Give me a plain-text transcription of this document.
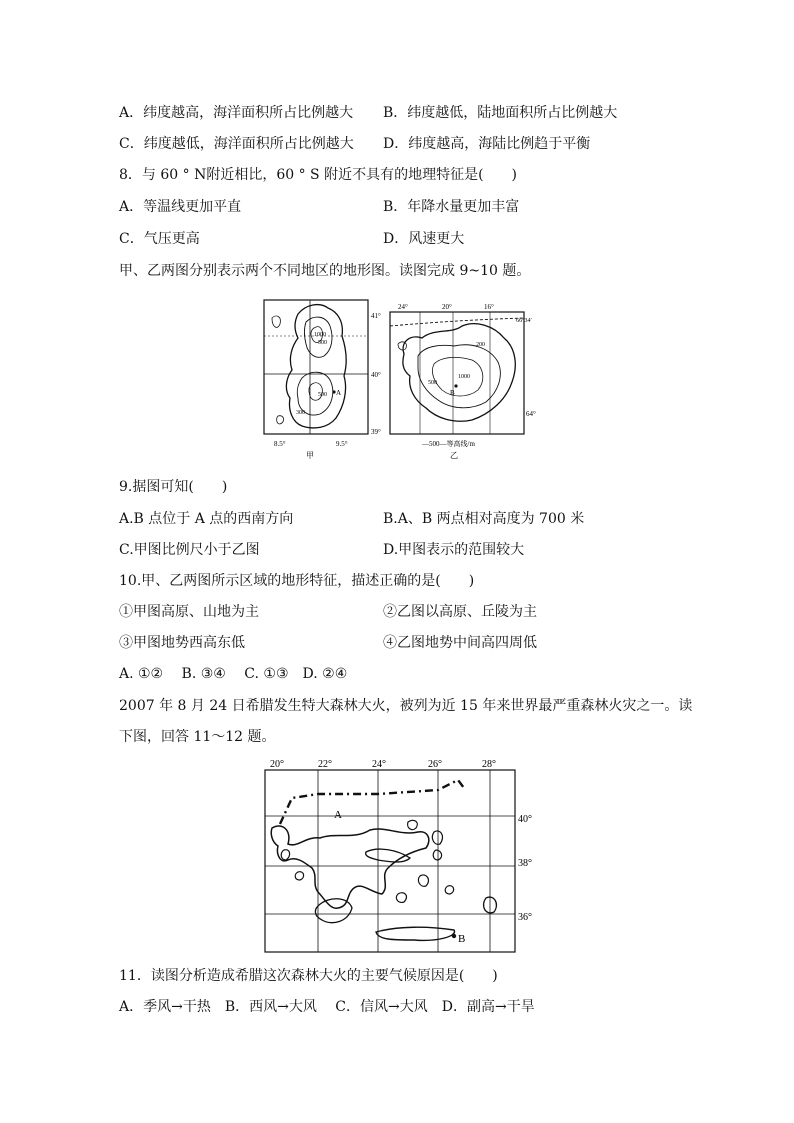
A．纬度越高，海洋面积所占比例越大 B．纬度越低，陆地面积所占比例越大
C．纬度越低，海洋面积所占比例越大 D．纬度越高，海陆比例趋于平衡
8．与 60 ° N附近相比，60 ° S 附近不具有的地理特征是(　　)
A．等温线更加平直	B．年降水量更加丰富
C．气压更高	D．风速更大
甲、乙两图分别表示两个不同地区的地形图。读图完成 9~10 题。
500
1000
500
300
A
41°
40°
39°
8.5°	9.5°
甲
200
500
1000
B
24°	20°	16°
66°34′
64°
—500—等高线/m
乙
9.据图可知(　　)
A.B 点位于 A 点的西南方向	B.A、B 两点相对高度为 700 米
C.甲图比例尺小于乙图	D.甲图表示的范围较大
10.甲、乙两图所示区域的地形特征，描述正确的是(　　)
①甲图高原、山地为主	②乙图以高原、丘陵为主
③甲图地势西高东低	④乙图地势中间高四周低
A. ①②　 B. ③④　 C. ①③　D. ②④
2007 年 8 月 24 日希腊发生特大森林大火，被列为近 15 年来世界最严重森林火灾之一。读
下图，回答 11～12 题。
A
B
20°	22°	24°	26°	28°
40°
38°
36°
11．读图分析造成希腊这次森林大火的主要气候原因是(　　)
A．季风→干热　B．西风→大风　 C．信风→大风　D．副高→干旱
